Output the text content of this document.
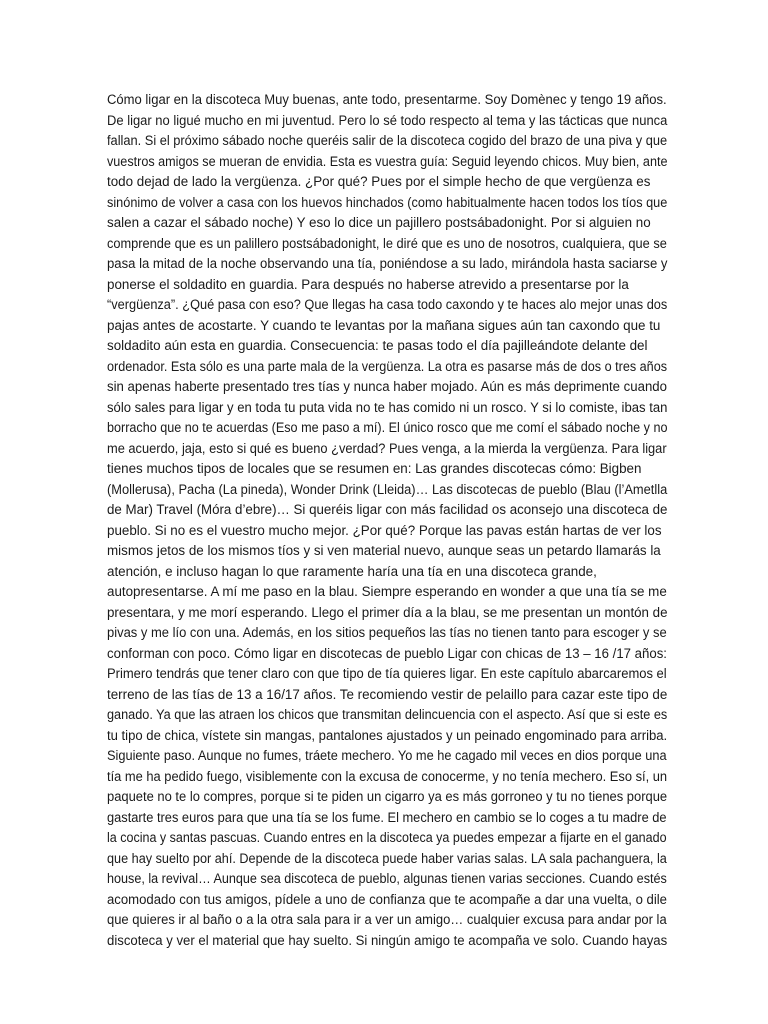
Cómo ligar en la discoteca Muy buenas, ante todo, presentarme. Soy Domènec y tengo 19 años.
De ligar no ligué mucho en mi juventud. Pero lo sé todo respecto al tema y las tácticas que nunca
fallan. Si el próximo sábado noche queréis salir de la discoteca cogido del brazo de una piva y que
vuestros amigos se mueran de envidia. Esta es vuestra guía: Seguid leyendo chicos. Muy bien, ante
todo dejad de lado la vergüenza. ¿Por qué? Pues por el simple hecho de que vergüenza es
sinónimo de volver a casa con los huevos hinchados (como habitualmente hacen todos los tíos que
salen a cazar el sábado noche) Y eso lo dice un pajillero postsábadonight. Por si alguien no
comprende que es un palillero postsábadonight, le diré que es uno de nosotros, cualquiera, que se
pasa la mitad de la noche observando una tía, poniéndose a su lado, mirándola hasta saciarse y
ponerse el soldadito en guardia. Para después no haberse atrevido a presentarse por la
“vergüenza”. ¿Qué pasa con eso? Que llegas ha casa todo caxondo y te haces alo mejor unas dos
pajas antes de acostarte. Y cuando te levantas por la mañana sigues aún tan caxondo que tu
soldadito aún esta en guardia. Consecuencia: te pasas todo el día pajilleándote delante del
ordenador. Esta sólo es una parte mala de la vergüenza. La otra es pasarse más de dos o tres años
sin apenas haberte presentado tres tías y nunca haber mojado. Aún es más deprimente cuando
sólo sales para ligar y en toda tu puta vida no te has comido ni un rosco. Y si lo comiste, ibas tan
borracho que no te acuerdas (Eso me paso a mí). El único rosco que me comí el sábado noche y no
me acuerdo, jaja, esto si qué es bueno ¿verdad? Pues venga, a la mierda la vergüenza. Para ligar
tienes muchos tipos de locales que se resumen en: Las grandes discotecas cómo: Bigben
(Mollerusa), Pacha (La pineda), Wonder Drink (Lleida)… Las discotecas de pueblo (Blau (l’Ametlla
de Mar) Travel (Móra d’ebre)… Si queréis ligar con más facilidad os aconsejo una discoteca de
pueblo. Si no es el vuestro mucho mejor. ¿Por qué? Porque las pavas están hartas de ver los
mismos jetos de los mismos tíos y si ven material nuevo, aunque seas un petardo llamarás la
atención, e incluso hagan lo que raramente haría una tía en una discoteca grande,
autopresentarse. A mí me paso en la blau. Siempre esperando en wonder a que una tía se me
presentara, y me morí esperando. Llego el primer día a la blau, se me presentan un montón de
pivas y me lío con una. Además, en los sitios pequeños las tías no tienen tanto para escoger y se
conforman con poco. Cómo ligar en discotecas de pueblo Ligar con chicas de 13 – 16 /17 años:
Primero tendrás que tener claro con que tipo de tía quieres ligar. En este capítulo abarcaremos el
terreno de las tías de 13 a 16/17 años. Te recomiendo vestir de pelaillo para cazar este tipo de
ganado. Ya que las atraen los chicos que transmitan delincuencia con el aspecto. Así que si este es
tu tipo de chica, vístete sin mangas, pantalones ajustados y un peinado engominado para arriba.
Siguiente paso. Aunque no fumes, tráete mechero. Yo me he cagado mil veces en dios porque una
tía me ha pedido fuego, visiblemente con la excusa de conocerme, y no tenía mechero. Eso sí, un
paquete no te lo compres, porque si te piden un cigarro ya es más gorroneo y tu no tienes porque
gastarte tres euros para que una tía se los fume. El mechero en cambio se lo coges a tu madre de
la cocina y santas pascuas. Cuando entres en la discoteca ya puedes empezar a fijarte en el ganado
que hay suelto por ahí. Depende de la discoteca puede haber varias salas. LA sala pachanguera, la
house, la revival… Aunque sea discoteca de pueblo, algunas tienen varias secciones. Cuando estés
acomodado con tus amigos, pídele a uno de confianza que te acompañe a dar una vuelta, o dile
que quieres ir al baño o a la otra sala para ir a ver un amigo… cualquier excusa para andar por la
discoteca y ver el material que hay suelto. Si ningún amigo te acompaña ve solo. Cuando hayas
